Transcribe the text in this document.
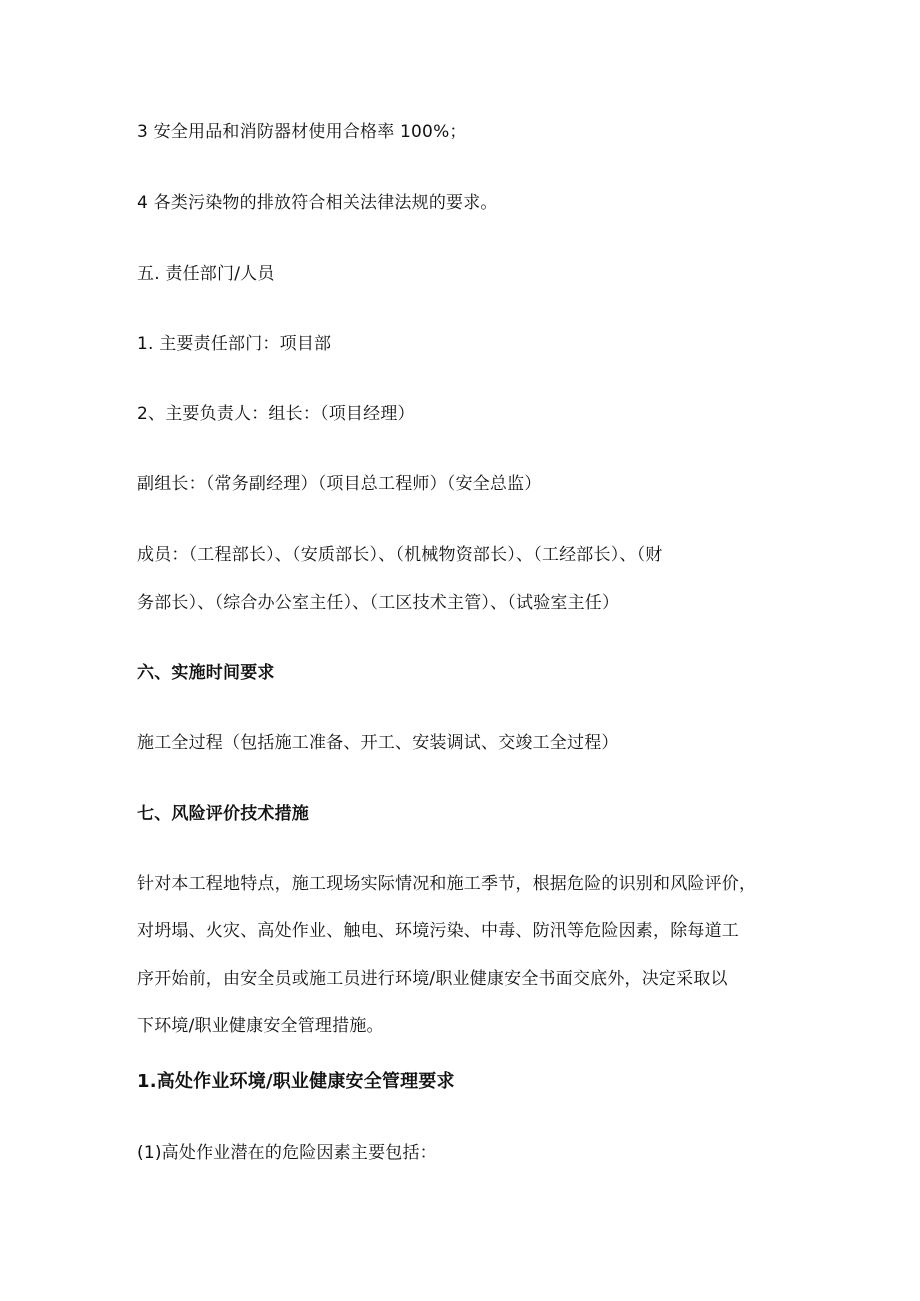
3 安全用品和消防器材使用合格率 100%；
4 各类污染物的排放符合相关法律法规的要求。
五. 责任部门/人员
1. 主要责任部门：项目部
2、主要负责人：组长：（项目经理）
副组长：（常务副经理）（项目总工程师）（安全总监）
成员：（工程部长）、（安质部长）、（机械物资部长）、（工经部长）、（财
务部长）、（综合办公室主任）、（工区技术主管）、（试验室主任）
六、实施时间要求
施工全过程（包括施工准备、开工、安装调试、交竣工全过程）
七、风险评价技术措施
针对本工程地特点，施工现场实际情况和施工季节，根据危险的识别和风险评价，
对坍塌、火灾、高处作业、触电、环境污染、中毒、防汛等危险因素，除每道工
序开始前，由安全员或施工员进行环境/职业健康安全书面交底外，决定采取以
下环境/职业健康安全管理措施。
1.高处作业环境/职业健康安全管理要求
(1)高处作业潜在的危险因素主要包括：
